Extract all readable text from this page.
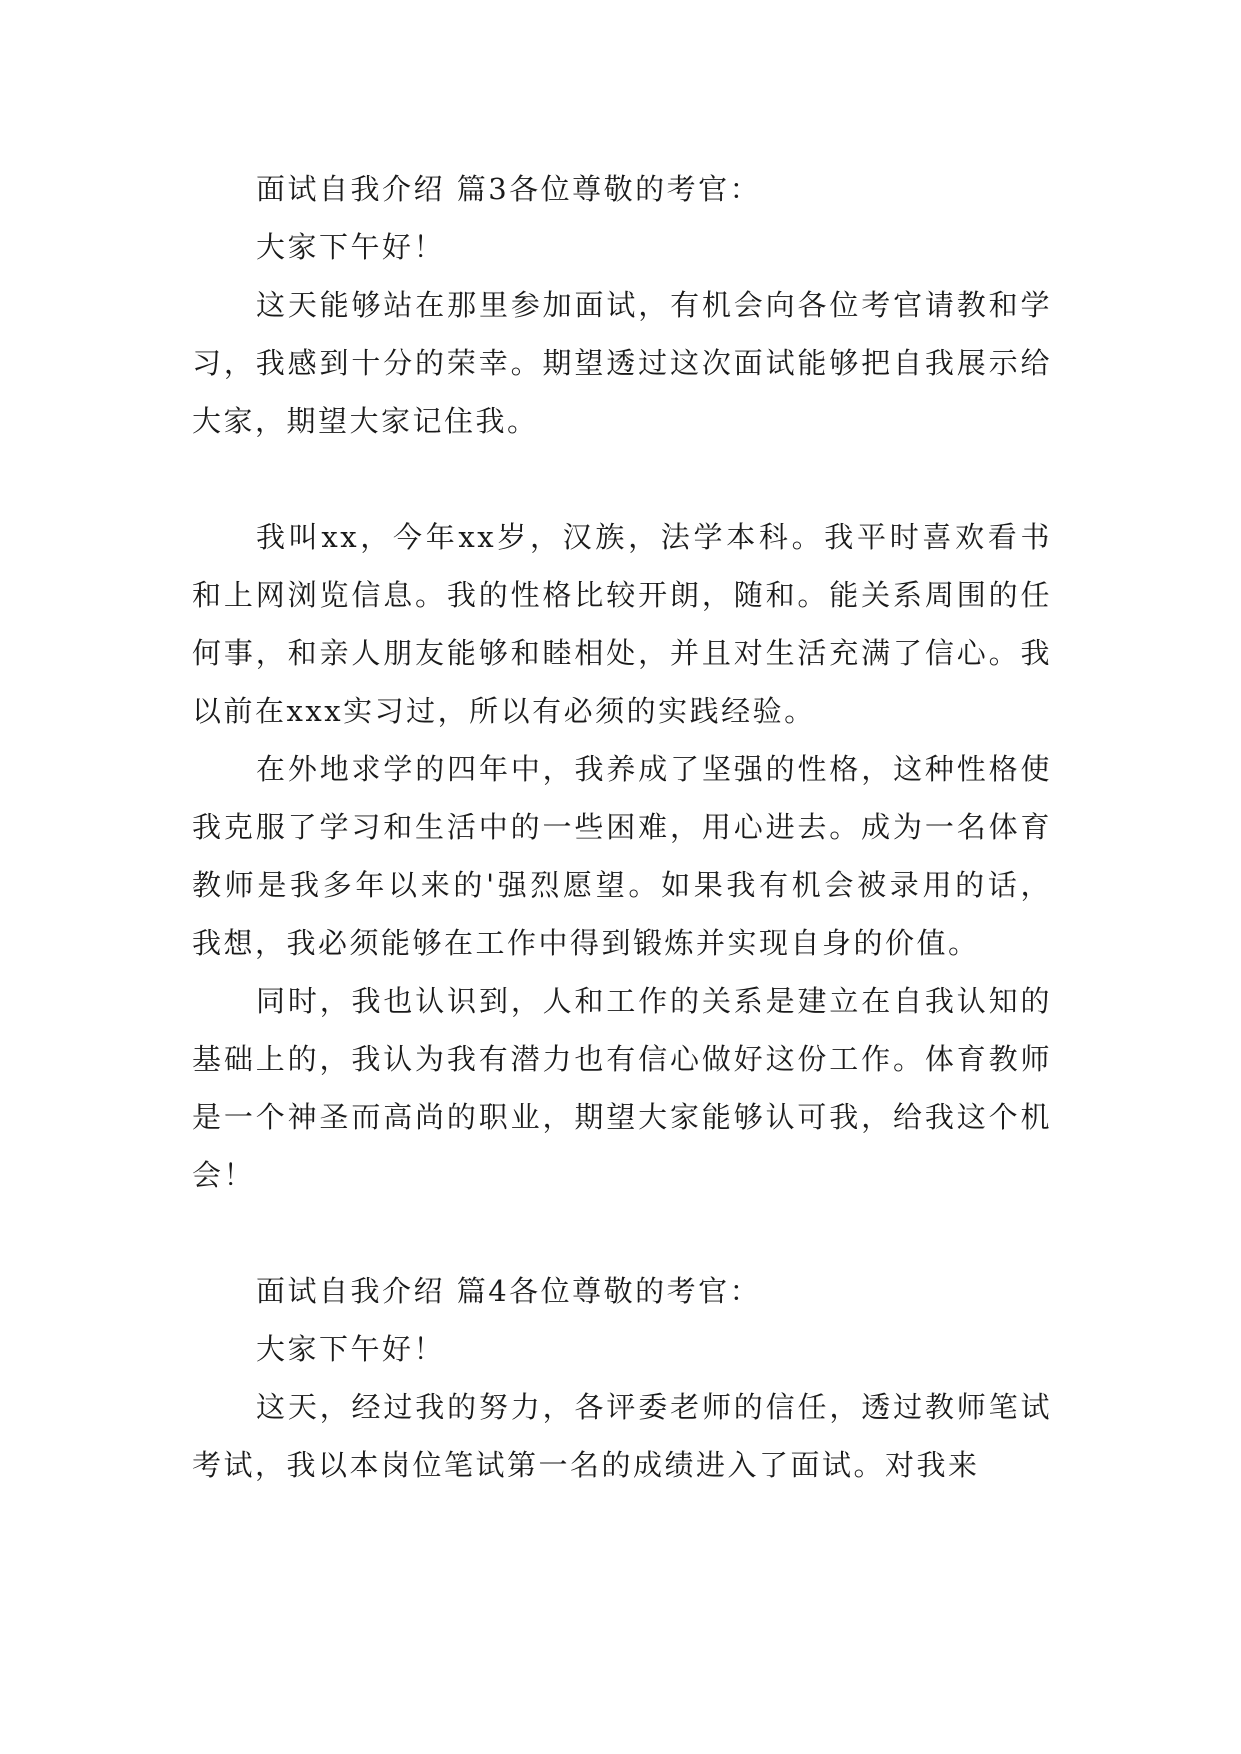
面试自我介绍 篇3各位尊敬的考官：

大家下午好！

这天能够站在那里参加面试，有机会向各位考官请教和学习，我感到十分的荣幸。期望透过这次面试能够把自我展示给大家，期望大家记住我。

我叫xx，今年xx岁，汉族，法学本科。我平时喜欢看书和上网浏览信息。我的性格比较开朗，随和。能关系周围的任何事，和亲人朋友能够和睦相处，并且对生活充满了信心。我以前在xxx实习过，所以有必须的实践经验。

在外地求学的四年中，我养成了坚强的性格，这种性格使我克服了学习和生活中的一些困难，用心进去。成为一名体育教师是我多年以来的'强烈愿望。如果我有机会被录用的话，我想，我必须能够在工作中得到锻炼并实现自身的价值。

同时，我也认识到，人和工作的关系是建立在自我认知的基础上的，我认为我有潜力也有信心做好这份工作。体育教师是一个神圣而高尚的职业，期望大家能够认可我，给我这个机会！

面试自我介绍 篇4各位尊敬的考官：

大家下午好！

这天，经过我的努力，各评委老师的信任，透过教师笔试考试，我以本岗位笔试第一名的成绩进入了面试。对我来
